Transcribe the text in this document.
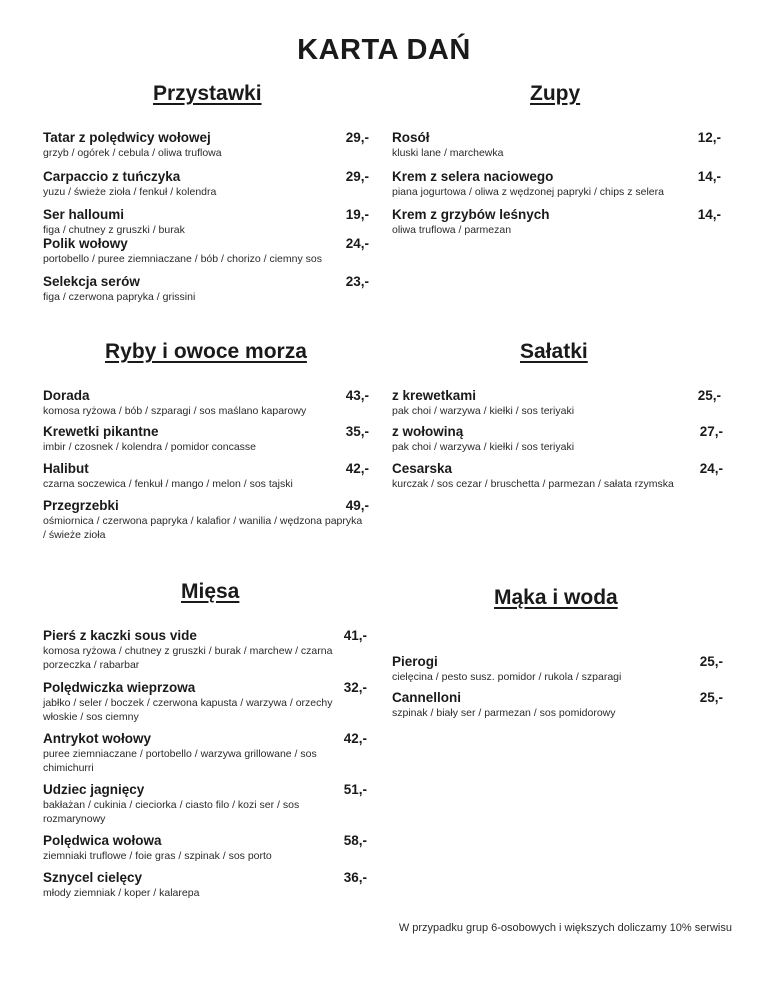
KARTA DAŃ
Przystawki	Zupy
Ryby i owoce morza	Sałatki
Mięsa	Mąka i woda
Tatar z polędwicy wołowej	29,-
grzyb / ogórek / cebula / oliwa truflowa
Carpaccio z tuńczyka	29,-
yuzu / świeże zioła / fenkuł / kolendra
Ser halloumi	19,-
figa / chutney z gruszki / burak
Polik wołowy	24,-
portobello / puree ziemniaczane / bób / chorizo / ciemny sos
Selekcja serów	23,-
figa / czerwona papryka / grissini
Rosół	12,-
kluski lane / marchewka
Krem z selera naciowego	14,-
piana jogurtowa / oliwa z wędzonej papryki / chips z selera
Krem z grzybów leśnych	14,-
oliwa truflowa / parmezan
Dorada	43,-
komosa ryżowa / bób / szparagi / sos maślano kaparowy
Krewetki pikantne	35,-
imbir / czosnek / kolendra / pomidor concasse
Halibut	42,-
czarna soczewica / fenkuł / mango / melon / sos tajski
Przegrzebki	49,-
ośmiornica / czerwona papryka / kalafior / wanilia / wędzona papryka / świeże zioła
z krewetkami	25,-
pak choi / warzywa / kiełki / sos teriyaki
z wołowiną	27,-
pak choi / warzywa / kiełki / sos teriyaki
Cesarska	24,-
kurczak / sos cezar / bruschetta / parmezan / sałata rzymska
Pierś z kaczki sous vide	41,-
komosa ryżowa / chutney z gruszki / burak / marchew / czarna porzeczka / rabarbar
Polędwiczka wieprzowa	32,-
jabłko / seler / boczek / czerwona kapusta / warzywa / orzechy włoskie / sos ciemny
Antrykot wołowy	42,-
puree ziemniaczane / portobello / warzywa grillowane / sos chimichurri
Udziec jagnięcy	51,-
bakłażan / cukinia / cieciorka / ciasto filo / kozi ser / sos rozmarynowy
Polędwica wołowa	58,-
ziemniaki truflowe / foie gras / szpinak / sos porto
Sznycel cielęcy	36,-
młody ziemniak / koper / kalarepa
Pierogi	25,-
cielęcina / pesto susz. pomidor / rukola / szparagi
Cannelloni	25,-
szpinak / biały ser / parmezan / sos pomidorowy
W przypadku grup 6-osobowych i większych doliczamy 10% serwisu
